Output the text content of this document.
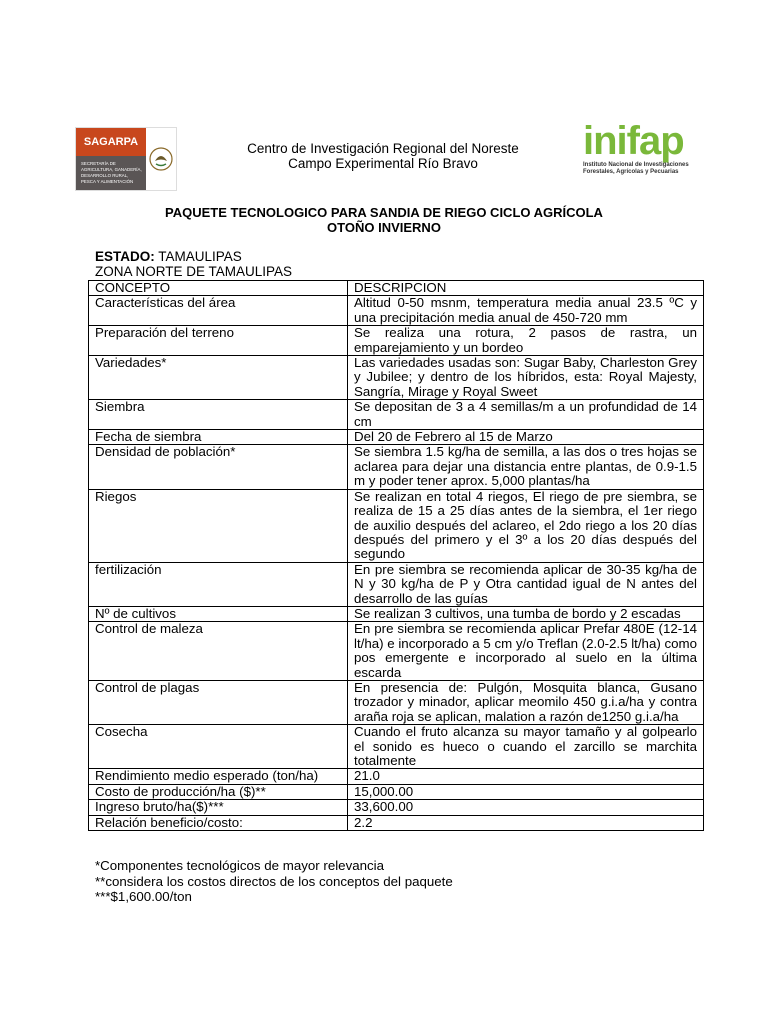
SAGARPA
SECRETARÍA DE AGRICULTURA, GANADERÍA, DESARROLLO RURAL, PESCA Y ALIMENTACIÓN
Centro de Investigación Regional del Noreste
Campo Experimental Río Bravo
inifap
Instituto Nacional de Investigaciones Forestales, Agrícolas y Pecuarias
PAQUETE TECNOLOGICO PARA SANDIA DE RIEGO CICLO AGRÍCOLA
OTOÑO INVIERNO
ESTADO: TAMAULIPAS
ZONA NORTE DE TAMAULIPAS
CONCEPTO	DESCRIPCION
Características del área	Altitud 0-50 msnm, temperatura media anual 23.5 ºC y una precipitación media anual de 450-720 mm
Preparación del terreno	Se realiza una rotura, 2 pasos de rastra, un emparejamiento y un bordeo
Variedades*	Las variedades usadas son: Sugar Baby, Charleston Grey y Jubilee; y dentro de los híbridos, esta: Royal Majesty, Sangría, Mirage y Royal Sweet
Siembra	Se depositan de 3 a 4 semillas/m a un profundidad de 14 cm
Fecha de siembra	Del 20 de Febrero al 15 de Marzo
Densidad de población*	Se siembra 1.5 kg/ha de semilla, a las dos o tres hojas se aclarea para dejar una distancia entre plantas, de 0.9-1.5 m y poder tener aprox. 5,000 plantas/ha
Riegos	Se realizan en total 4 riegos, El riego de pre siembra, se realiza de 15 a 25 días antes de la siembra, el 1er riego de auxilio después del aclareo, el 2do riego a los 20 días después del primero y el 3º a los 20 días después del segundo
fertilización	En pre siembra se recomienda aplicar de 30-35 kg/ha de N y 30 kg/ha de P y Otra cantidad igual de N antes del desarrollo de las guías
Nº de cultivos	Se realizan 3 cultivos, una tumba de bordo y 2 escadas
Control de maleza	En pre siembra se recomienda aplicar Prefar 480E (12-14 lt/ha) e incorporado a 5 cm y/o Treflan (2.0-2.5 lt/ha) como pos emergente e incorporado al suelo en la última escarda
Control de plagas	En presencia de: Pulgón, Mosquita blanca, Gusano trozador y minador, aplicar meomilo 450 g.i.a/ha y contra araña roja se aplican, malation a razón de1250 g.i.a/ha
Cosecha	Cuando el fruto alcanza su mayor tamaño y al golpearlo el sonido es hueco o cuando el zarcillo se marchita totalmente
Rendimiento medio esperado (ton/ha)	21.0
Costo de producción/ha ($)**	15,000.00
Ingreso bruto/ha($)***	33,600.00
Relación beneficio/costo:	2.2
*Componentes tecnológicos de mayor relevancia
**considera los costos directos de los conceptos del paquete
***$1,600.00/ton
